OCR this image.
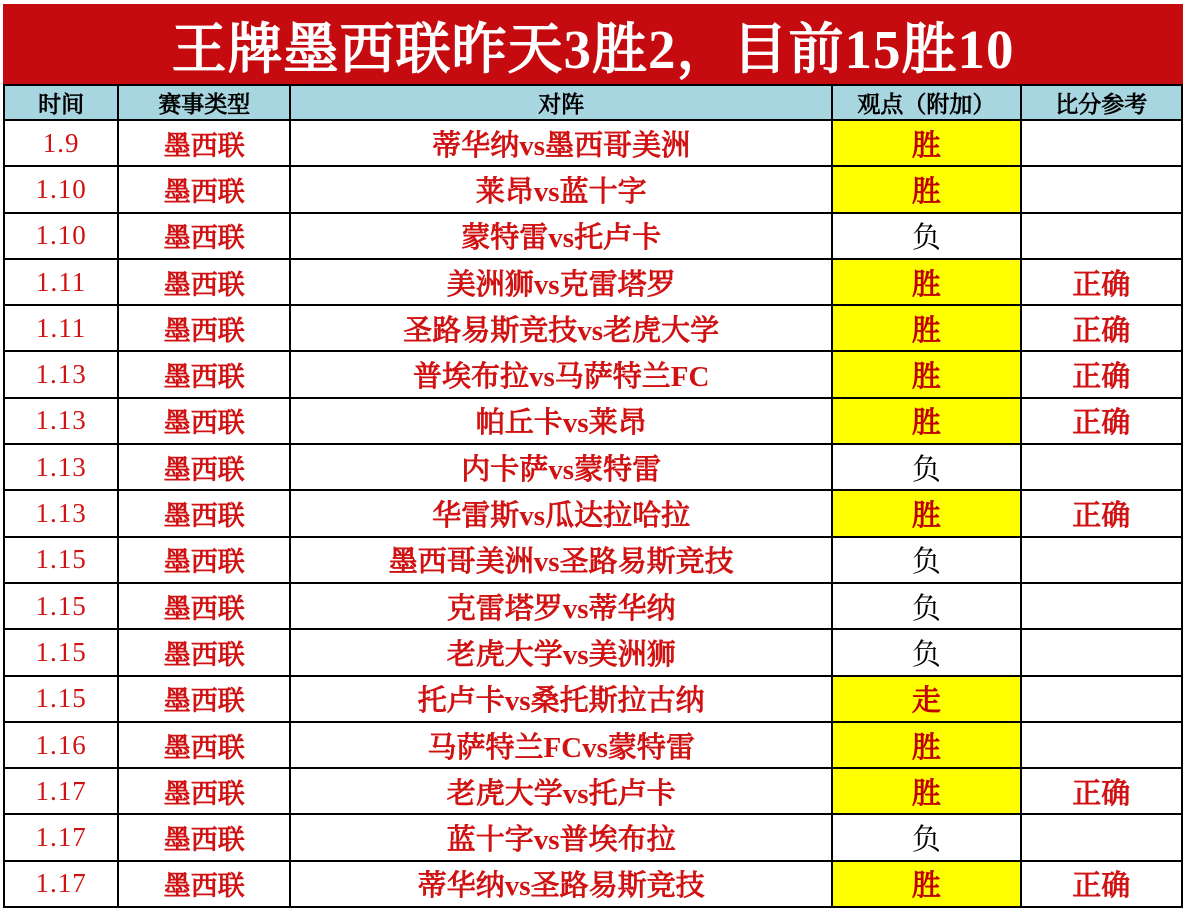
王牌墨西联昨天3胜2，目前15胜10
时间	赛事类型	对阵	观点（附加）	比分参考
1.9	墨西联	蒂华纳vs墨西哥美洲	胜	
1.10	墨西联	莱昂vs蓝十字	胜	
1.10	墨西联	蒙特雷vs托卢卡	负	
1.11	墨西联	美洲狮vs克雷塔罗	胜	正确
1.11	墨西联	圣路易斯竞技vs老虎大学	胜	正确
1.13	墨西联	普埃布拉vs马萨特兰FC	胜	正确
1.13	墨西联	帕丘卡vs莱昂	胜	正确
1.13	墨西联	内卡萨vs蒙特雷	负	
1.13	墨西联	华雷斯vs瓜达拉哈拉	胜	正确
1.15	墨西联	墨西哥美洲vs圣路易斯竞技	负	
1.15	墨西联	克雷塔罗vs蒂华纳	负	
1.15	墨西联	老虎大学vs美洲狮	负	
1.15	墨西联	托卢卡vs桑托斯拉古纳	走	
1.16	墨西联	马萨特兰FCvs蒙特雷	胜	
1.17	墨西联	老虎大学vs托卢卡	胜	正确
1.17	墨西联	蓝十字vs普埃布拉	负	
1.17	墨西联	蒂华纳vs圣路易斯竞技	胜	正确
